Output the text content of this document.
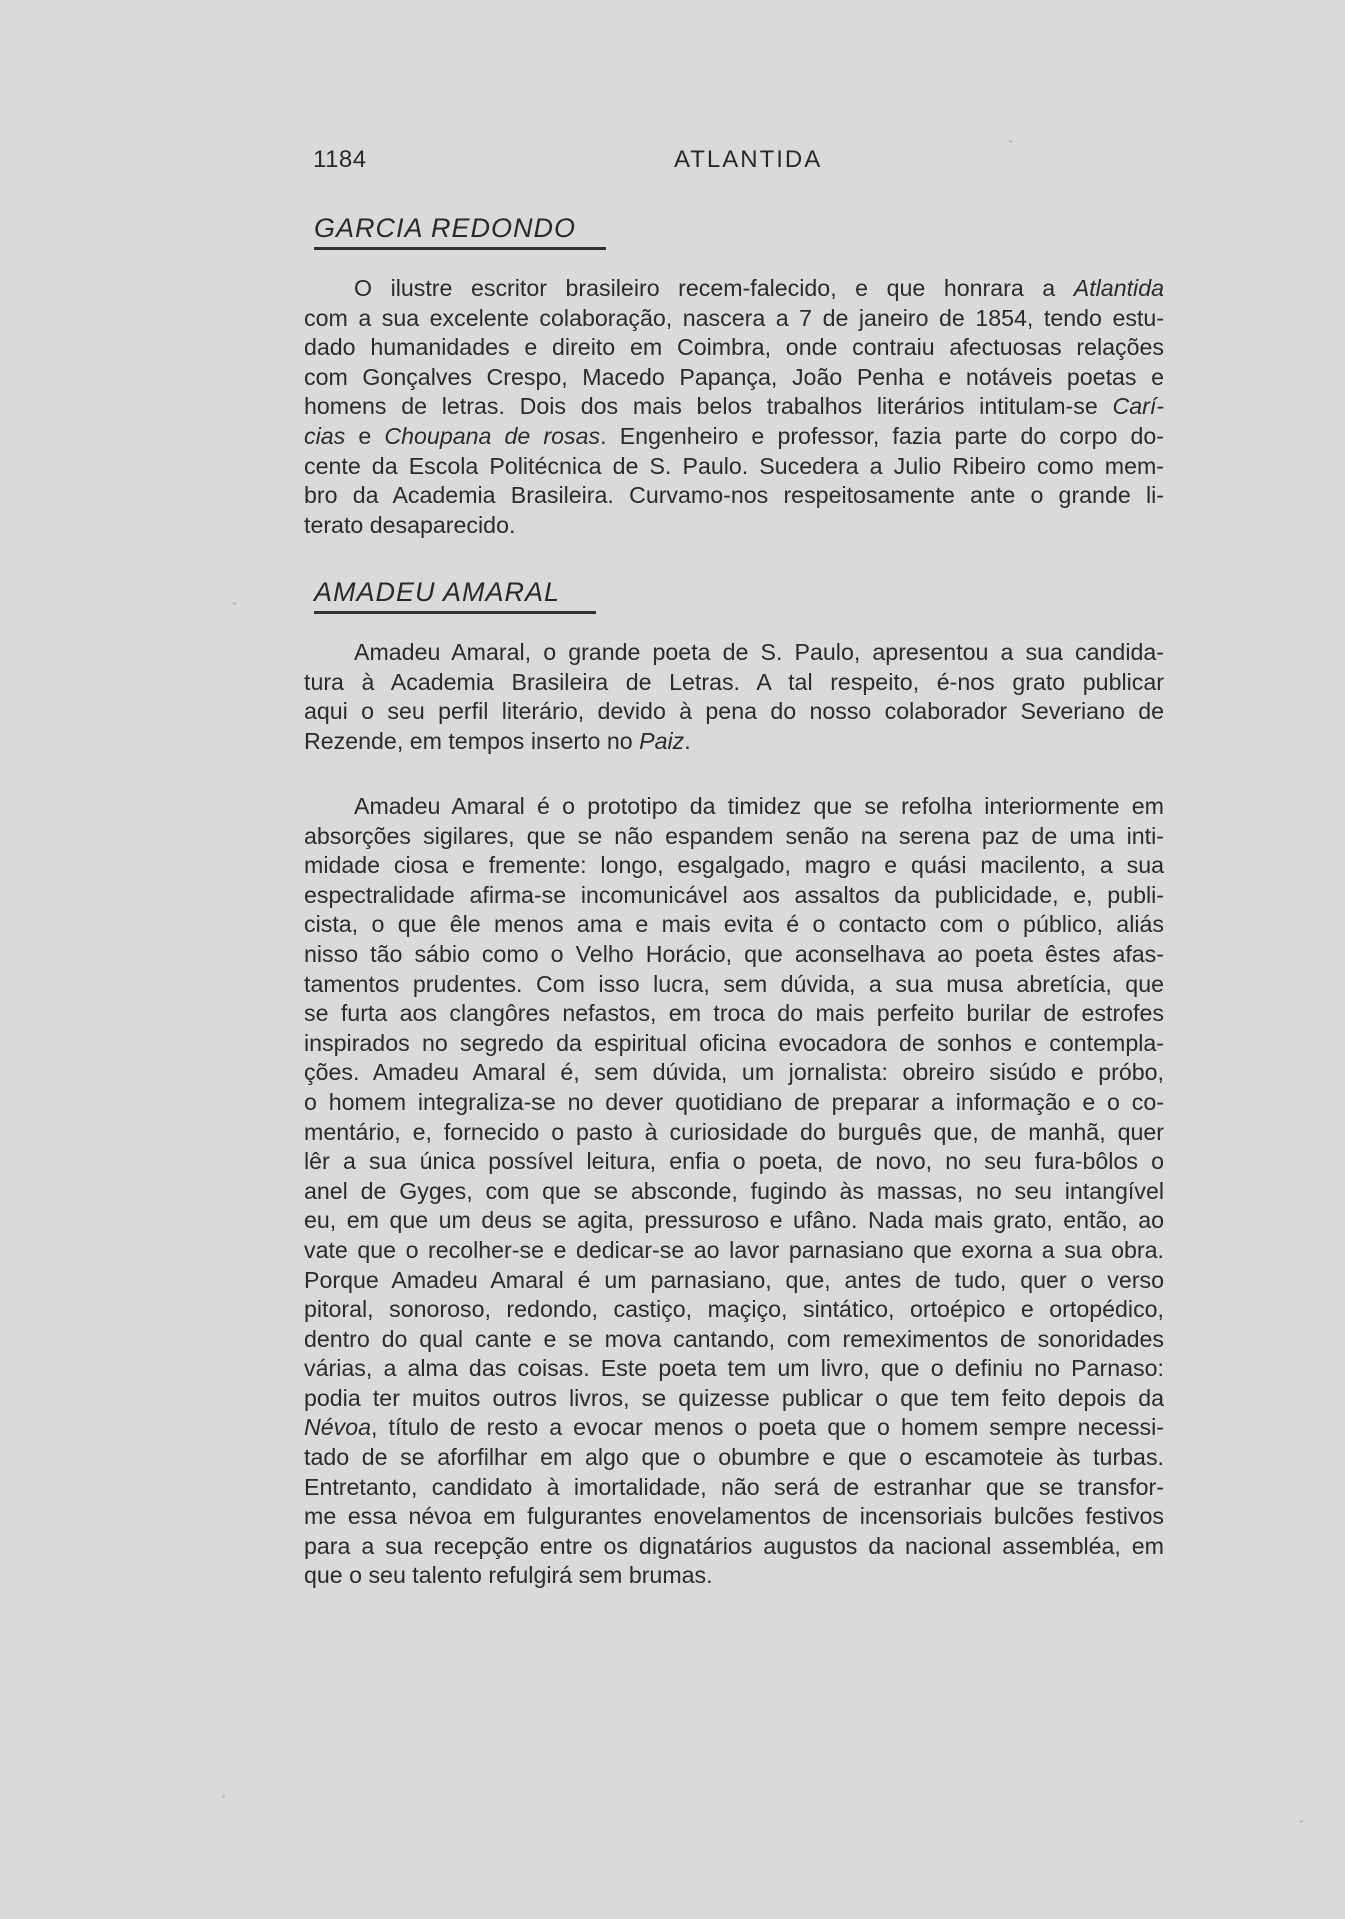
1184	ATLANTIDA
GARCIA REDONDO
O ilustre escritor brasileiro recem-falecido, e que honrara a Atlantida
com a sua excelente colaboração, nascera a 7 de janeiro de 1854, tendo estu-
dado humanidades e direito em Coimbra, onde contraiu afectuosas relações
com Gonçalves Crespo, Macedo Papança, João Penha e notáveis poetas e
homens de letras. Dois dos mais belos trabalhos literários intitulam-se Carí-
cias e Choupana de rosas. Engenheiro e professor, fazia parte do corpo do-
cente da Escola Politécnica de S. Paulo. Sucedera a Julio Ribeiro como mem-
bro da Academia Brasileira. Curvamo-nos respeitosamente ante o grande li-
terato desaparecido.
AMADEU AMARAL
Amadeu Amaral, o grande poeta de S. Paulo, apresentou a sua candida-
tura à Academia Brasileira de Letras. A tal respeito, é-nos grato publicar
aqui o seu perfil literário, devido à pena do nosso colaborador Severiano de
Rezende, em tempos inserto no Paiz.
Amadeu Amaral é o prototipo da timidez que se refolha interiormente em
absorções sigilares, que se não espandem senão na serena paz de uma inti-
midade ciosa e fremente: longo, esgalgado, magro e quási macilento, a sua
espectralidade afirma-se incomunicável aos assaltos da publicidade, e, publi-
cista, o que êle menos ama e mais evita é o contacto com o público, aliás
nisso tão sábio como o Velho Horácio, que aconselhava ao poeta êstes afas-
tamentos prudentes. Com isso lucra, sem dúvida, a sua musa abretícia, que
se furta aos clangôres nefastos, em troca do mais perfeito burilar de estrofes
inspirados no segredo da espiritual oficina evocadora de sonhos e contempla-
ções. Amadeu Amaral é, sem dúvida, um jornalista: obreiro sisúdo e próbo,
o homem integraliza-se no dever quotidiano de preparar a informação e o co-
mentário, e, fornecido o pasto à curiosidade do burguês que, de manhã, quer
lêr a sua única possível leitura, enfia o poeta, de novo, no seu fura-bôlos o
anel de Gyges, com que se absconde, fugindo às massas, no seu intangível
eu, em que um deus se agita, pressuroso e ufâno. Nada mais grato, então, ao
vate que o recolher-se e dedicar-se ao lavor parnasiano que exorna a sua obra.
Porque Amadeu Amaral é um parnasiano, que, antes de tudo, quer o verso
pitoral, sonoroso, redondo, castiço, maçiço, sintático, ortoépico e ortopédico,
dentro do qual cante e se mova cantando, com remeximentos de sonoridades
várias, a alma das coisas. Este poeta tem um livro, que o definiu no Parnaso:
podia ter muitos outros livros, se quizesse publicar o que tem feito depois da
Névoa, título de resto a evocar menos o poeta que o homem sempre necessi-
tado de se aforfilhar em algo que o obumbre e que o escamoteie às turbas.
Entretanto, candidato à imortalidade, não será de estranhar que se transfor-
me essa névoa em fulgurantes enovelamentos de incensoriais bulcões festivos
para a sua recepção entre os dignatários augustos da nacional assembléa, em
que o seu talento refulgirá sem brumas.
